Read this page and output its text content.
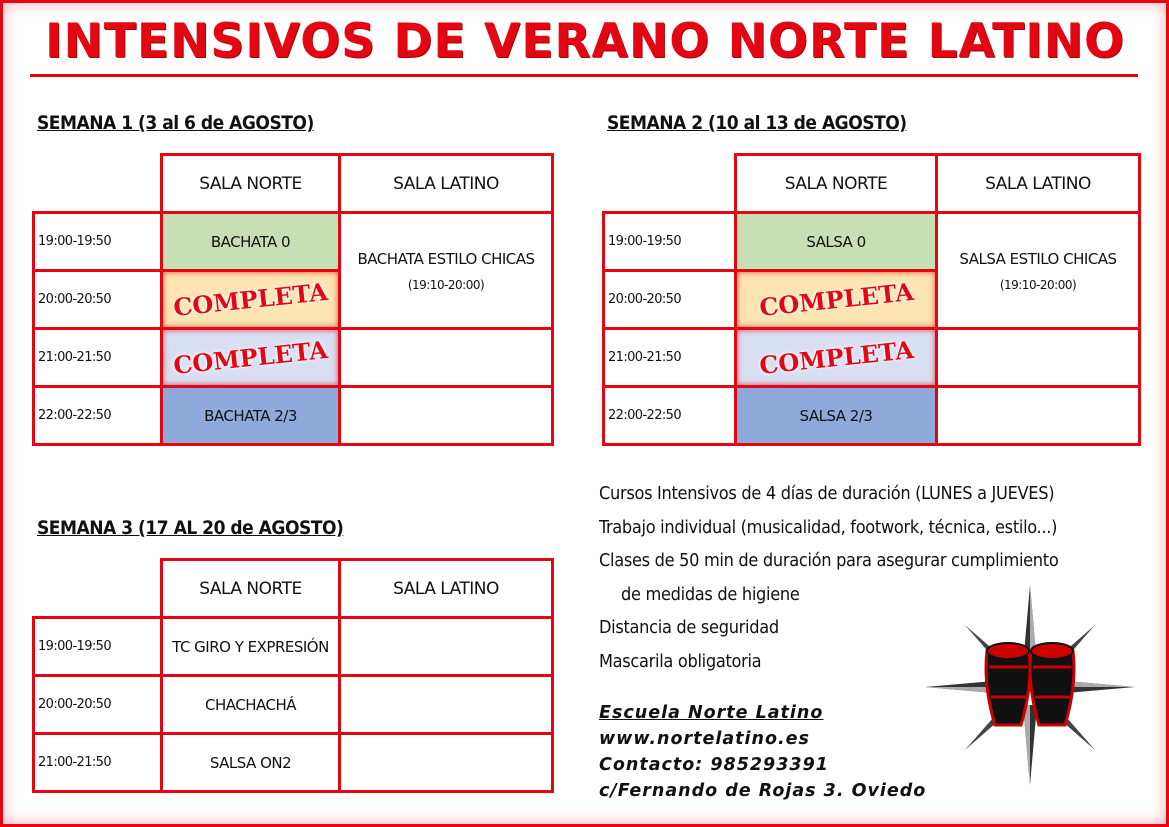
INTENSIVOS DE VERANO NORTE LATINO
SEMANA 1 (3 al 6 de AGOSTO)
	SALA NORTE	SALA LATINO
19:00-19:50	BACHATA 0	BACHATA ESTILO CHICAS
(19:10-20:00)

20:00-20:50	COMPLETA	
21:00-21:50	COMPLETA	
22:00-22:50	BACHATA 2/3	
SEMANA 2 (10 al 13 de AGOSTO)
	SALA NORTE	SALA LATINO
19:00-19:50	SALSA 0	SALSA ESTILO CHICAS
(19:10-20:00)

20:00-20:50	COMPLETA	
21:00-21:50	COMPLETA	
22:00-22:50	SALSA 2/3	
SEMANA 3 (17 AL 20 de AGOSTO)
	SALA NORTE	SALA LATINO
19:00-19:50	TC GIRO Y EXPRESIÓN	
20:00-20:50	CHACHACHÁ	
21:00-21:50	SALSA ON2	
Cursos Intensivos de 4 días de duración (LUNES a JUEVES)
Trabajo individual (musicalidad, footwork, técnica, estilo...)
Clases de 50 min de duración para asegurar cumplimiento
de medidas de higiene
Distancia de seguridad
Mascarila obligatoria
Escuela Norte Latino
www.nortelatino.es
Contacto: 985293391
c/Fernando de Rojas 3. Oviedo
